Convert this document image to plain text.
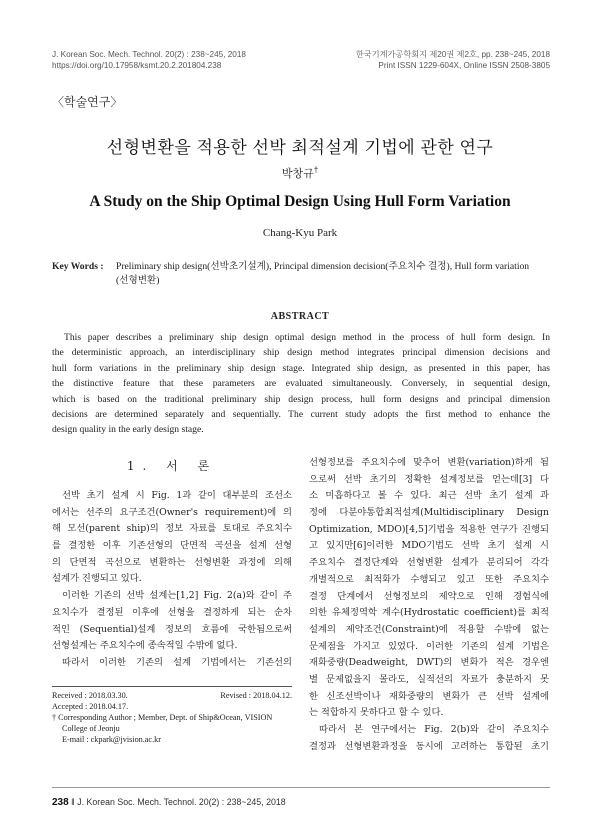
J. Korean Soc. Mech. Technol. 20(2) : 238~245, 2018
https://doi.org/10.17958/ksmt.20.2.201804.238
한국기계가공학회지 제20권 제2호, pp. 238~245, 2018
Print ISSN 1229-604X, Online ISSN 2508-3805
〈학술연구〉
선형변환을 적용한 선박 최적설계 기법에 관한 연구
박창규†
A Study on the Ship Optimal Design Using Hull Form Variation
Chang-Kyu Park
Key Words : Preliminary ship design(선박초기설계), Principal dimension decision(주요치수 결정), Hull form variation
(선형변환)
ABSTRACT
This paper describes a preliminary ship design optimal design method in the process of hull form design. In
the deterministic approach, an interdisciplinary ship design method integrates principal dimension decisions and
hull form variations in the preliminary ship design stage. Integrated ship design, as presented in this paper, has
the distinctive feature that these parameters are evaluated simultaneously. Conversely, in sequential design,
which is based on the traditional preliminary ship design process, hull form designs and principal dimension
decisions are determined separately and sequentially. The current study adopts the first method to enhance the
design quality in the early design stage.
1. 서 론
선박 초기 설계 시 Fig. 1과 같이 대부분의 조선소
에서는 선주의 요구조건(Owner's requirement)에 의
해 모선(parent ship)의 정보 자료를 토대로 주요치수
를 결정한 이후 기존선형의 단면적 곡선을 설계 선형
의 단면적 곡선으로 변환하는 선형변환 과정에 의해
설계가 진행되고 있다.
이러한 기존의 선박 설계는[1,2] Fig. 2(a)와 같이 주
요치수가 결정된 이후에 선형을 결정하게 되는 순차
적인 (Sequential)설계 정보의 흐름에 국한됨으로써
선형설계는 주요치수에 종속적일 수밖에 없다.
따라서 이러한 기존의 설계 기법에서는 기존선의
선형정보를 주요치수에 맞추어 변환(variation)하게 됨
으로써 선박 초기의 정확한 설계정보를 얻는데[3] 다
소 미흡하다고 볼 수 있다. 최근 선박 초기 설계 과
정에 다분야통합최적설계(Multidisciplinary Design
Optimization, MDO)[4,5]기법을 적용한 연구가 진행되
고 있지만[6]이러한 MDO기법도 선박 초기 설계 시
주요치수 결정단계와 선형변환 설계가 분리되어 각각
개별적으로 최적화가 수행되고 있고 또한 주요치수
결정 단계에서 선형정보의 제약으로 인해 경험식에
의한 유체정역학 계수(Hydrostatic coefficient)를 최적
설계의 제약조건(Constraint)에 적용할 수밖에 없는
문제점을 가지고 있었다. 이러한 기존의 설계 기법은
재화중량(Deadweight, DWT)의 변화가 적은 경우엔
별 문제없을지 몰라도, 실적선의 자료가 충분하지 못
한 신조선박이나 재화중량의 변화가 큰 선박 설계에
는 적합하지 못하다고 할 수 있다.
따라서 본 연구에서는 Fig. 2(b)와 같이 주요치수
결정과 선형변환과정을 동시에 고려하는 통합된 초기
Received : 2018.03.30.	Revised : 2018.04.12.
Accepted : 2018.04.17.
† Corresponding Author ; Member, Dept. of Ship&Ocean, VISION
College of Jeonju
E-mail : ckpark@jvision.ac.kr
238 ‖ J. Korean Soc. Mech. Technol. 20(2) : 238~245, 2018
